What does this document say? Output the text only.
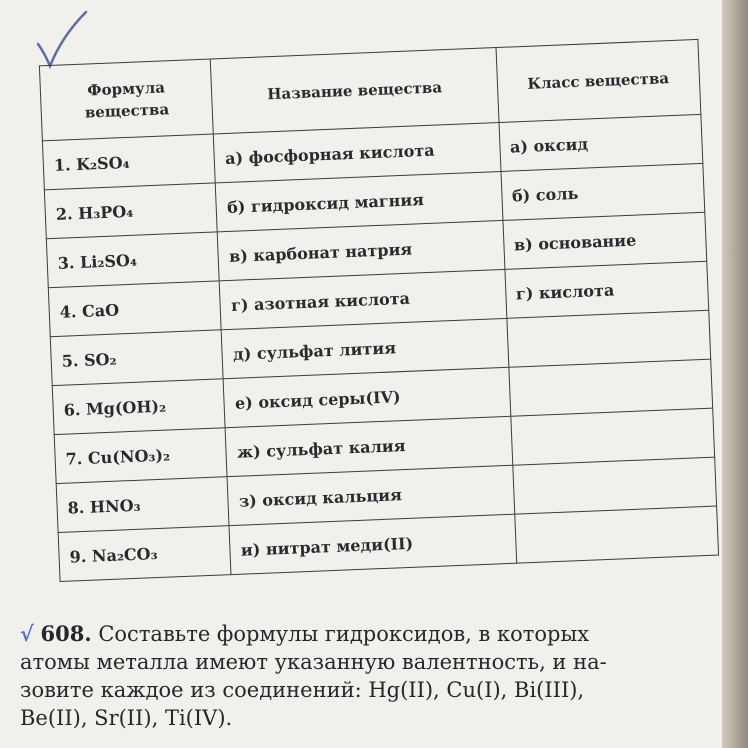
Формула вещества	Название вещества	Класс вещества
1. K₂SO₄	а) фосфорная кислота	а) оксид
2. H₃PO₄	б) гидроксид магния	б) соль
3. Li₂SO₄	в) карбонат натрия	в) основание
4. CaO	г) азотная кислота	г) кислота
5. SO₂	д) сульфат лития	
6. Mg(OH)₂	е) оксид серы(IV)	
7. Cu(NO₃)₂	ж) сульфат калия	
8. HNO₃	з) оксид кальция	
9. Na₂CO₃	и) нитрат меди(II)	
√ 608. Составьте формулы гидроксидов, в которых
атомы металла имеют указанную валентность, и на-
зовите каждое из соединений: Hg(II), Cu(I), Bi(III),
Be(II), Sr(II), Ti(IV).
